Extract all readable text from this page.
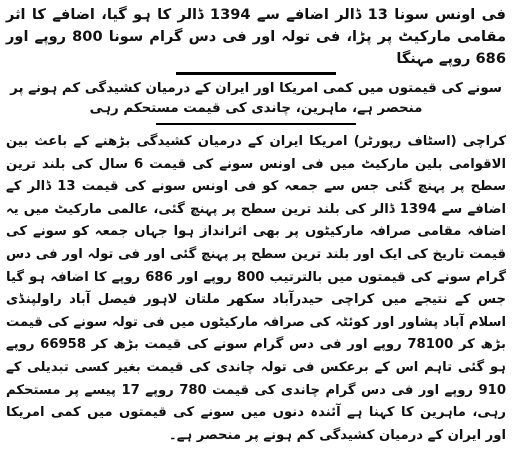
فی اونس سونا 13 ڈالر اضافے سے 1394 ڈالر کا ہو گیا، اضافے کا اثر مقامی مارکیٹ پر پڑا، فی تولہ اور فی دس گرام سونا 800 روپے اور 686 روپے مہنگا

سونے کی قیمتوں میں کمی امریکا اور ایران کے درمیان کشیدگی کم ہونے پر منحصر ہے، ماہرین، چاندی کی قیمت مستحکم رہی

کراچی (اسٹاف رپورٹر) امریکا ایران کے درمیان کشیدگی بڑھنے کے باعث بین الاقوامی بلین مارکیٹ میں فی اونس سونے کی قیمت 6 سال کی بلند ترین سطح پر پہنچ گئی جس سے جمعہ کو فی اونس سونے کی قیمت 13 ڈالر کے اضافے سے 1394 ڈالر کی بلند ترین سطح پر پہنچ گئی، عالمی مارکیٹ میں یہ اضافہ مقامی صرافہ مارکیٹوں پر بھی اثرانداز ہوا جہاں جمعہ کو سونے کی قیمت تاریخ کی ایک اور بلند ترین سطح پر پہنچ گئی اور فی تولہ اور فی دس گرام سونے کی قیمتوں میں بالترتیب 800 روپے اور 686 روپے کا اضافہ ہو گیا جس کے نتیجے میں کراچی حیدرآباد سکھر ملتان لاہور فیصل آباد راولپنڈی اسلام آباد پشاور اور کوئٹہ کی صرافہ مارکیٹوں میں فی تولہ سونے کی قیمت بڑھ کر 78100 روپے اور فی دس گرام سونے کی قیمت بڑھ کر 66958 روپے ہو گئی تاہم اس کے برعکس فی تولہ چاندی کی قیمت بغیر کسی تبدیلی کے 910 روپے اور فی دس گرام چاندی کی قیمت 780 روپے 17 پیسے پر مستحکم رہی، ماہرین کا کہنا ہے آئندہ دنوں میں سونے کی قیمتوں میں کمی امریکا اور ایران کے درمیان کشیدگی کم ہونے پر منحصر ہے۔
